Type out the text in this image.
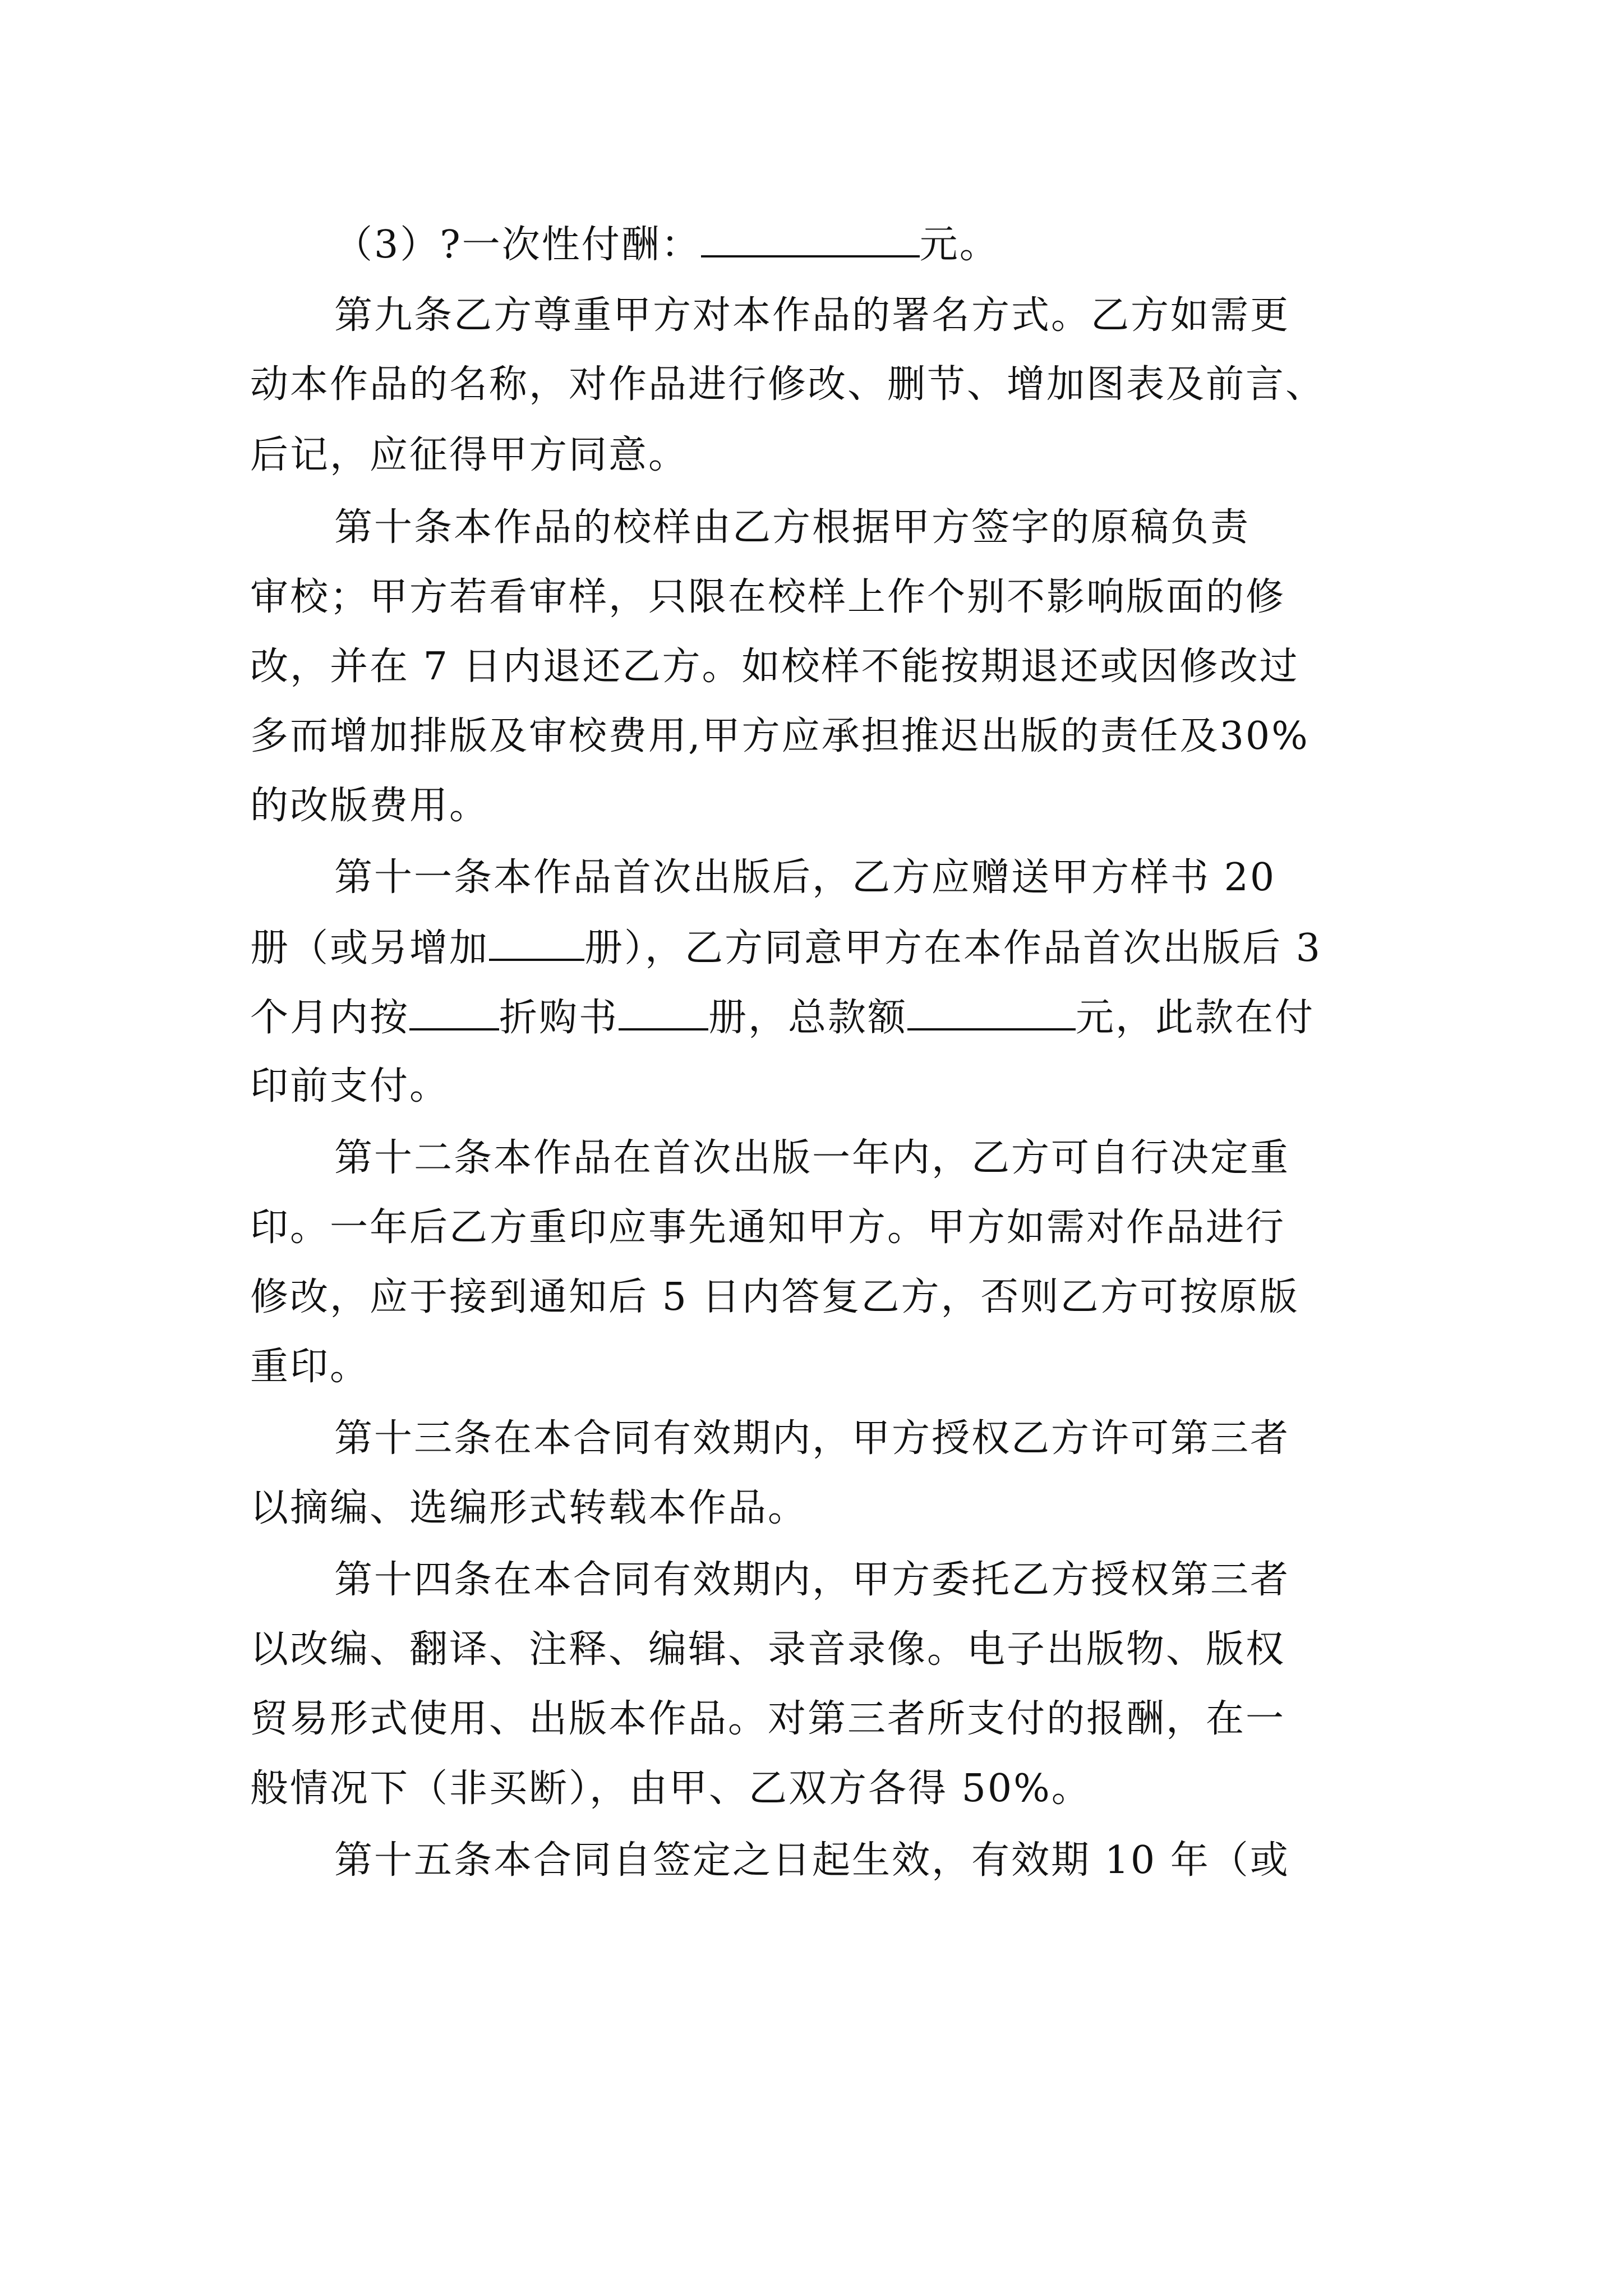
（3）?一次性付酬：	元。
第九条乙方尊重甲方对本作品的署名方式。乙方如需更
动本作品的名称，对作品进行修改、删节、增加图表及前言、
后记，应征得甲方同意。
第十条本作品的校样由乙方根据甲方签字的原稿负责
审校；甲方若看审样，只限在校样上作个别不影响版面的修
改，并在 7 日内退还乙方。如校样不能按期退还或因修改过
多而增加排版及审校费用,甲方应承担推迟出版的责任及30%
的改版费用。
第十一条本作品首次出版后，乙方应赠送甲方样书 20
册（或另增加	册），乙方同意甲方在本作品首次出版后 3
个月内按 折购书 册，总款额	元，此款在付
印前支付。
第十二条本作品在首次出版一年内，乙方可自行决定重
印。一年后乙方重印应事先通知甲方。甲方如需对作品进行
修改，应于接到通知后 5 日内答复乙方，否则乙方可按原版
重印。
第十三条在本合同有效期内，甲方授权乙方许可第三者
以摘编、选编形式转载本作品。
第十四条在本合同有效期内，甲方委托乙方授权第三者
以改编、翻译、注释、编辑、录音录像。电子出版物、版权
贸易形式使用、出版本作品。对第三者所支付的报酬，在一
般情况下（非买断），由甲、乙双方各得 50%。
第十五条本合同自签定之日起生效，有效期 10 年（或
